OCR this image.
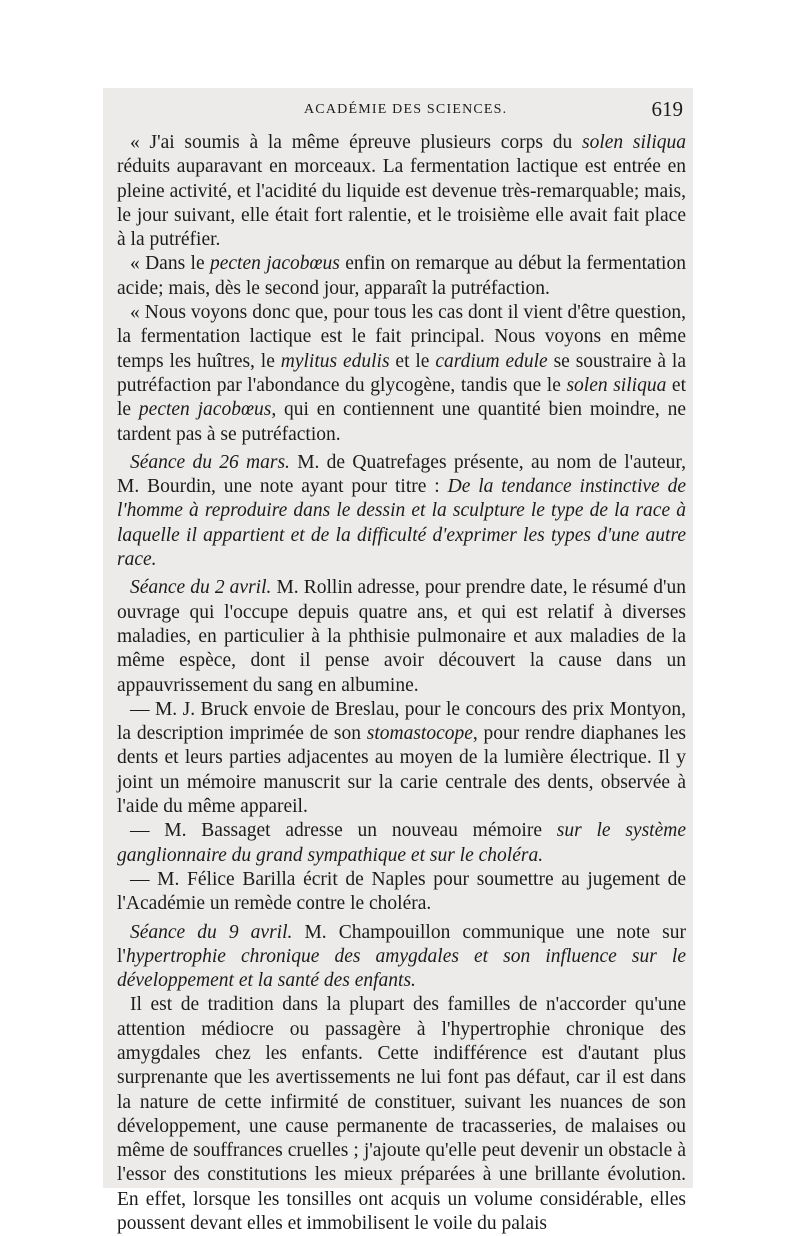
ACADÉMIE DES SCIENCES.	619

« J'ai soumis à la même épreuve plusieurs corps du solen siliqua réduits auparavant en morceaux. La fermentation lactique est entrée en pleine activité, et l'acidité du liquide est devenue très-remarquable; mais, le jour suivant, elle était fort ralentie, et le troisième elle avait fait place à la putréfier.

« Dans le pecten jacobœus enfin on remarque au début la fermentation acide; mais, dès le second jour, apparaît la putréfaction.

« Nous voyons donc que, pour tous les cas dont il vient d'être question, la fermentation lactique est le fait principal. Nous voyons en même temps les huîtres, le mylitus edulis et le cardium edule se soustraire à la putréfaction par l'abondance du glycogène, tandis que le solen siliqua et le pecten jacobœus, qui en contiennent une quantité bien moindre, ne tardent pas à se putréfaction.

Séance du 26 mars. M. de Quatrefages présente, au nom de l'auteur, M. Bourdin, une note ayant pour titre : De la tendance instinctive de l'homme à reproduire dans le dessin et la sculpture le type de la race à laquelle il appartient et de la difficulté d'exprimer les types d'une autre race.

Séance du 2 avril. M. Rollin adresse, pour prendre date, le résumé d'un ouvrage qui l'occupe depuis quatre ans, et qui est relatif à diverses maladies, en particulier à la phthisie pulmonaire et aux maladies de la même espèce, dont il pense avoir découvert la cause dans un appauvrissement du sang en albumine.

— M. J. Bruck envoie de Breslau, pour le concours des prix Montyon, la description imprimée de son stomastocope, pour rendre diaphanes les dents et leurs parties adjacentes au moyen de la lumière électrique. Il y joint un mémoire manuscrit sur la carie centrale des dents, observée à l'aide du même appareil.

— M. Bassaget adresse un nouveau mémoire sur le système ganglionnaire du grand sympathique et sur le choléra.

— M. Félice Barilla écrit de Naples pour soumettre au jugement de l'Académie un remède contre le choléra.

Séance du 9 avril. M. Champouillon communique une note sur l'hypertrophie chronique des amygdales et son influence sur le développement et la santé des enfants.

Il est de tradition dans la plupart des familles de n'accorder qu'une attention médiocre ou passagère à l'hypertrophie chronique des amygdales chez les enfants. Cette indifférence est d'autant plus surprenante que les avertissements ne lui font pas défaut, car il est dans la nature de cette infirmité de constituer, suivant les nuances de son développement, une cause permanente de tracasseries, de malaises ou même de souffrances cruelles ; j'ajoute qu'elle peut devenir un obstacle à l'essor des constitutions les mieux préparées à une brillante évolution. En effet, lorsque les tonsilles ont acquis un volume considérable, elles poussent devant elles et immobilisent le voile du palais
